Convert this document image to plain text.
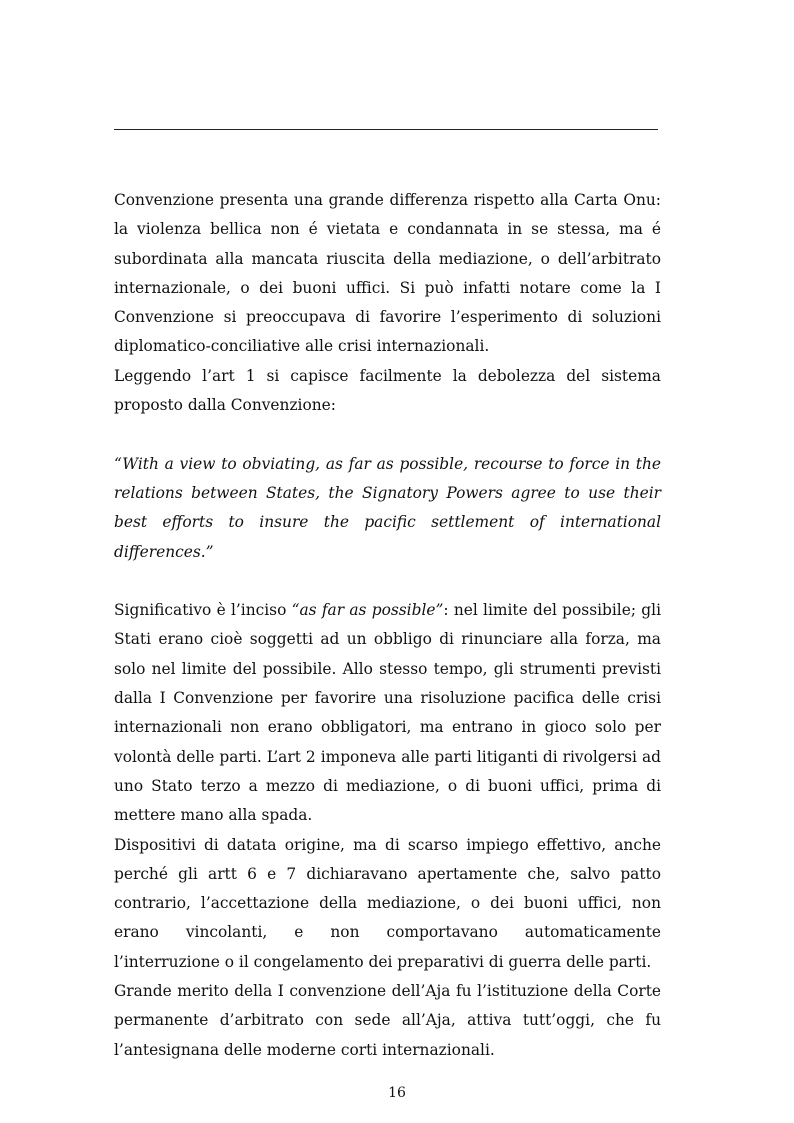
Convenzione presenta una grande differenza rispetto alla Carta Onu: la violenza bellica non é vietata e condannata in se stessa, ma é subordinata alla mancata riuscita della mediazione, o dell’arbitrato internazionale, o dei buoni uffici. Si può infatti notare come la I Convenzione si preoccupava di favorire l’esperimento di soluzioni diplomatico-conciliative alle crisi internazionali.

Leggendo l’art 1 si capisce facilmente la debolezza del sistema proposto dalla Convenzione:

“With a view to obviating, as far as possible, recourse to force in the relations between States, the Signatory Powers agree to use their best efforts to insure the pacific settlement of international differences.”

Significativo è l’inciso “as far as possible”: nel limite del possibile; gli Stati erano cioè soggetti ad un obbligo di rinunciare alla forza, ma solo nel limite del possibile. Allo stesso tempo, gli strumenti previsti dalla I Convenzione per favorire una risoluzione pacifica delle crisi internazionali non erano obbligatori, ma entrano in gioco solo per volontà delle parti. L’art 2 imponeva alle parti litiganti di rivolgersi ad uno Stato terzo a mezzo di mediazione, o di buoni uffici, prima di mettere mano alla spada.

Dispositivi di datata origine, ma di scarso impiego effettivo, anche perché gli artt 6 e 7 dichiaravano apertamente che, salvo patto contrario, l’accettazione della mediazione, o dei buoni uffici, non erano vincolanti, e non comportavano automaticamente l’interruzione o il congelamento dei preparativi di guerra delle parti.

Grande merito della I convenzione dell’Aja fu l’istituzione della Corte permanente d’arbitrato con sede all’Aja, attiva tutt’oggi, che fu l’antesignana delle moderne corti internazionali.

16
